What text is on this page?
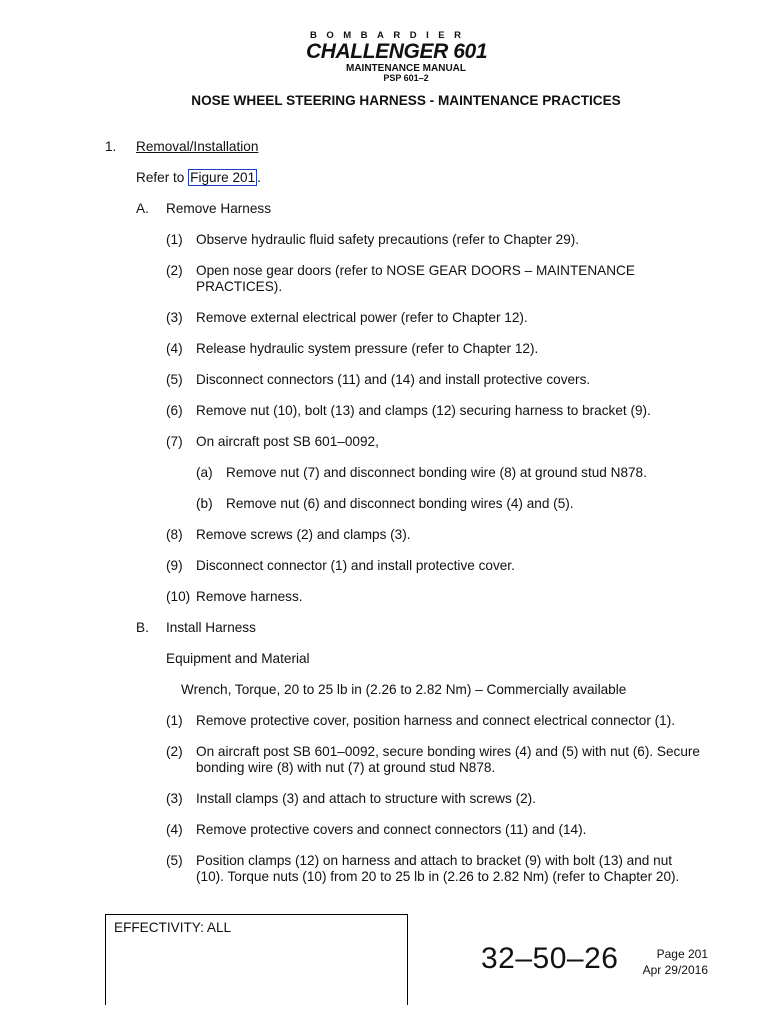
BOMBARDIER
CHALLENGER 601
MAINTENANCE MANUAL
PSP 601–2
NOSE WHEEL STEERING HARNESS - MAINTENANCE PRACTICES
1. Removal/Installation
Refer to Figure 201 .
A. Remove Harness
(1) Observe hydraulic fluid safety precautions (refer to Chapter 29).
(2) Open nose gear doors (refer to NOSE GEAR DOORS – MAINTENANCE PRACTICES).
(3) Remove external electrical power (refer to Chapter 12).
(4) Release hydraulic system pressure (refer to Chapter 12).
(5) Disconnect connectors (11) and (14) and install protective covers.
(6) Remove nut (10), bolt (13) and clamps (12) securing harness to bracket (9).
(7) On aircraft post SB 601–0092,
(a) Remove nut (7) and disconnect bonding wire (8) at ground stud N878.
(b) Remove nut (6) and disconnect bonding wires (4) and (5).
(8) Remove screws (2) and clamps (3).
(9) Disconnect connector (1) and install protective cover.
(10) Remove harness.
B. Install Harness
Equipment and Material
Wrench, Torque, 20 to 25 lb in (2.26 to 2.82 Nm) – Commercially available
(1) Remove protective cover, position harness and connect electrical connector (1).
(2) On aircraft post SB 601–0092, secure bonding wires (4) and (5) with nut (6). Secure bonding wire (8) with nut (7) at ground stud N878.
(3) Install clamps (3) and attach to structure with screws (2).
(4) Remove protective covers and connect connectors (11) and (14).
(5) Position clamps (12) on harness and attach to bracket (9) with bolt (13) and nut (10). Torque nuts (10) from 20 to 25 lb in (2.26 to 2.82 Nm) (refer to Chapter 20).
EFFECTIVITY: ALL
32–50–26	Page 201
Apr 29/2016
